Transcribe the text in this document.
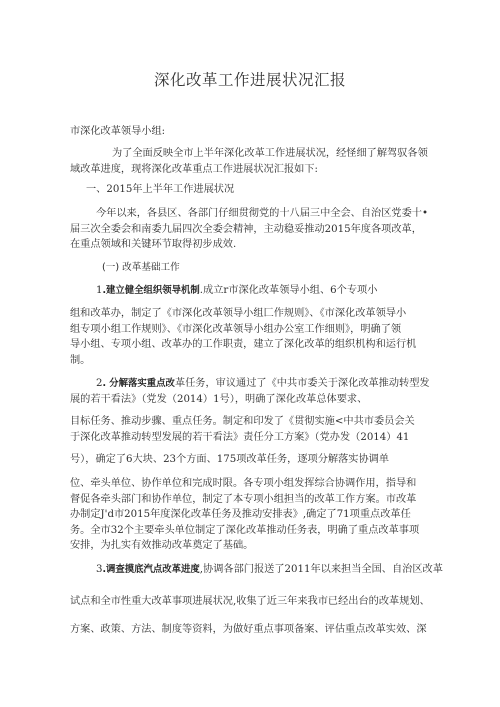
深化改革工作进展状况汇报
市深化改革领导小组:
为了全面反映全市上半年深化改革工作进展状况，经怪细了解驾驭各领
域改革进度，现将深化改革重点工作进展状况汇报如下:
一、2015年上半年工作进展状况
今年以来，各县区、各部门仔细贯彻党的十八届三中全会、自治区党委十•
届三次全委会和南委九届四次全委会精神，主动稳妥推动2015年度各项改革，
在重点领域和关键环节取得初步成效.
(一) 改革基础工作
1.建立健全组织领导机制.成立r市深化改革领导小组、6个专项小
组和改革办，制定了《市深化改革领导小组匚作规则》、《市深化改革领导小
组专项小组工作规则》、《市深化改革领导小组办公室工作细则》，明确了领
导小组、专项小组、改革办的工作职责，建立了深化改革的组织机构和运行机
制。
2. 分解落实重点改革任务，审议通过了《中共市委关于深化改革推动转型发
展的若干看法》（党发（2014）1号），明确了深化改革总体要求、
目标任务、推动步骤、重点任务。制定和印发了《贯彻实施<中共市委员会关
于深化改革推动转型发展的若干看法》责任分工方案》（党办发（2014）41
号），确定了6大块、23个方面、175项改革任务，逐项分解落实协调单
位、牵头单位、协作单位和完成时限。各专项小组发挥综合协调作用，指导和
督促各牵头部门和协作单位，制定了本专项小组担当的改革工作方案。市改革
办制定J'd市2015年度深化改革任务及推动安排表》,确定了71项重点改革任
务。全市32个主要牵头单位制定了深化改革推动任务表，明确了重点改革事项
安排，为扎实有效推动改革奠定了基础。
3.调查摸底汽点改革进度,协调各部门报送了2011年以来担当全国、自治区改革
试点和全市性重大改革事项进展状况,收集了近三年来我市已经出台的改革规划、
方案、政策、方法、制度等资料，为做好重点事项备案、评估重点改革实效、深
